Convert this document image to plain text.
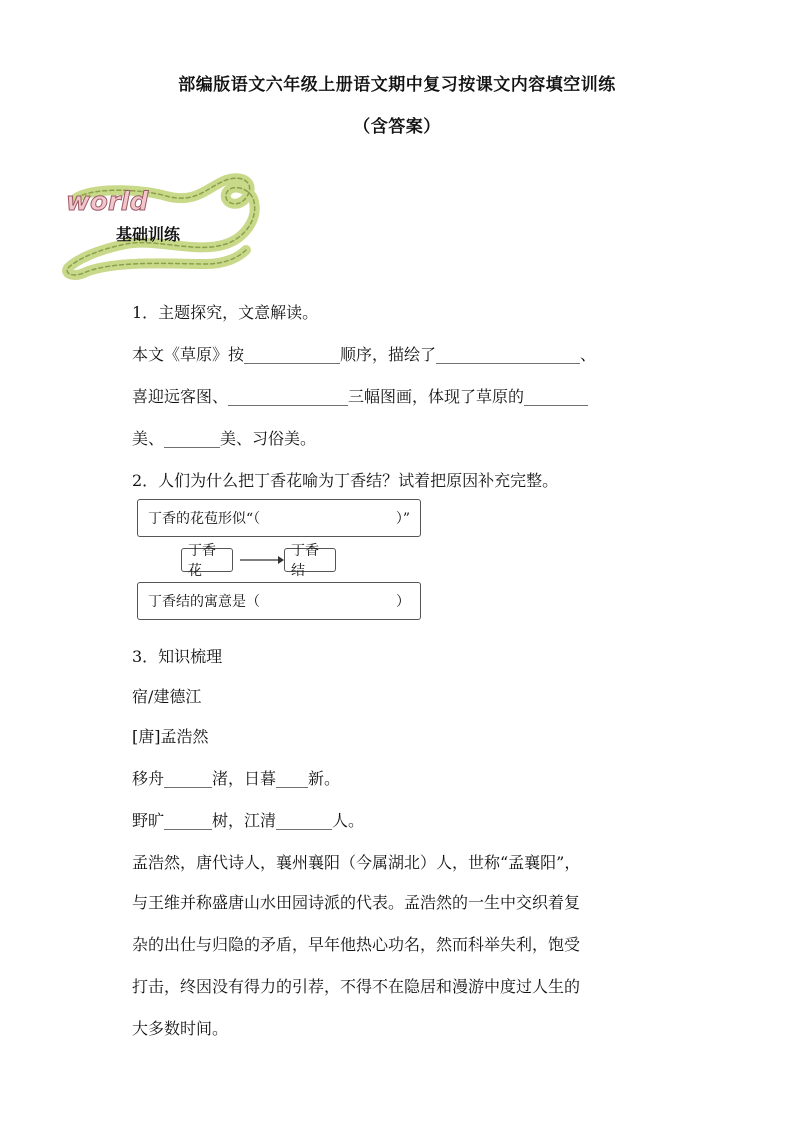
部编版语文六年级上册语文期中复习按课文内容填空训练
（含答案）
world
基础训练
1．主题探究，文意解读。
本文《草原》按____________顺序，描绘了__________________、
喜迎远客图、_______________三幅图画，体现了草原的________
美、_______美、习俗美。
2．人们为什么把丁香花喻为丁香结？试着把原因补充完整。
丁香的花苞形似“（	）”
丁香花
丁香结
丁香结的寓意是（	）
3．知识梳理
宿/建德江
[唐]孟浩然
移舟______渚，日暮____新。
野旷______树，江清_______人。
孟浩然，唐代诗人，襄州襄阳（今属湖北）人，世称“孟襄阳”，
与王维并称盛唐山水田园诗派的代表。孟浩然的一生中交织着复
杂的出仕与归隐的矛盾，早年他热心功名，然而科举失利，饱受
打击，终因没有得力的引荐，不得不在隐居和漫游中度过人生的
大多数时间。
